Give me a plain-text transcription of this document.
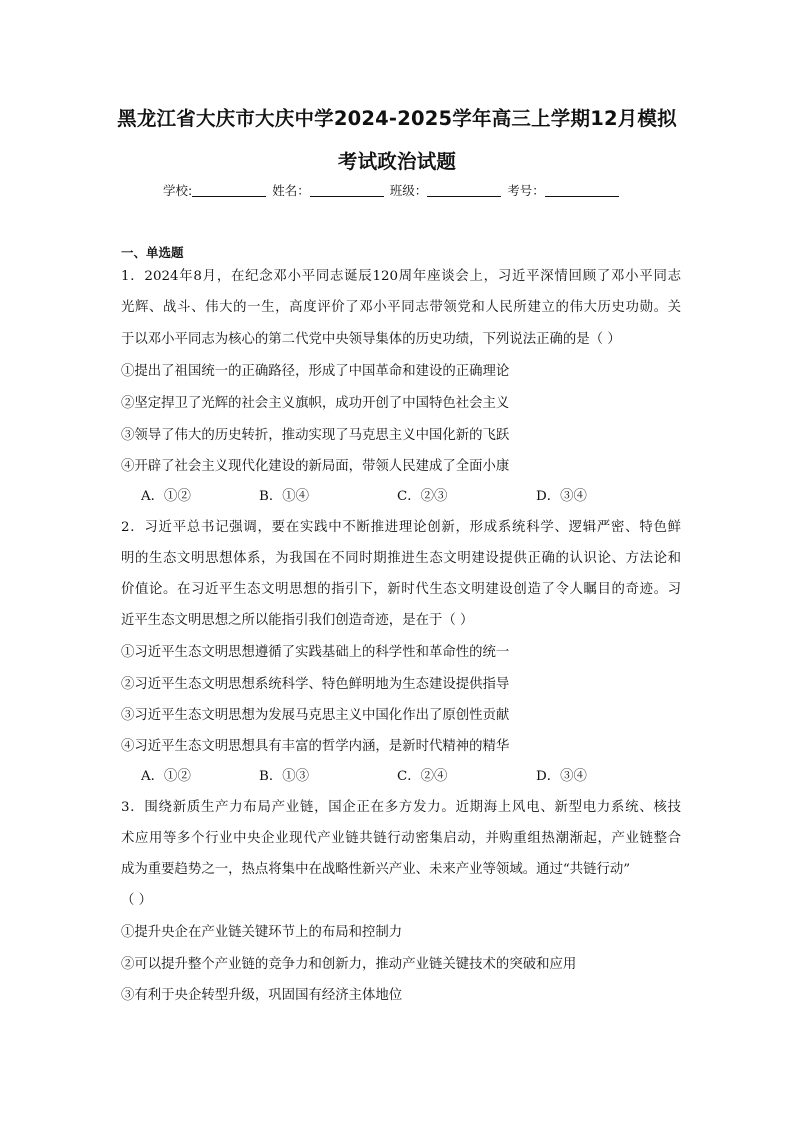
黑龙江省大庆市大庆中学2024-2025学年高三上学期12月模拟
考试政治试题
学校:	姓名：	班级：	考号：
一、单选题
1．2024年8月，在纪念邓小平同志诞辰120周年座谈会上，习近平深情回顾了邓小平同志
光辉、战斗、伟大的一生，高度评价了邓小平同志带领党和人民所建立的伟大历史功勋。关
于以邓小平同志为核心的第二代党中央领导集体的历史功绩，下列说法正确的是（ ）
①提出了祖国统一的正确路径，形成了中国革命和建设的正确理论
②坚定捍卫了光辉的社会主义旗帜，成功开创了中国特色社会主义
③领导了伟大的历史转折，推动实现了马克思主义中国化新的飞跃
④开辟了社会主义现代化建设的新局面，带领人民建成了全面小康
A．①②	B．①④	C．②③	D．③④
2．习近平总书记强调，要在实践中不断推进理论创新，形成系统科学、逻辑严密、特色鲜
明的生态文明思想体系，为我国在不同时期推进生态文明建设提供正确的认识论、方法论和
价值论。在习近平生态文明思想的指引下，新时代生态文明建设创造了令人瞩目的奇迹。习
近平生态文明思想之所以能指引我们创造奇迹，是在于（ ）
①习近平生态文明思想遵循了实践基础上的科学性和革命性的统一
②习近平生态文明思想系统科学、特色鲜明地为生态建设提供指导
③习近平生态文明思想为发展马克思主义中国化作出了原创性贡献
④习近平生态文明思想具有丰富的哲学内涵，是新时代精神的精华
A．①②	B．①③	C．②④	D．③④
3．围绕新质生产力布局产业链，国企正在多方发力。近期海上风电、新型电力系统、核技
术应用等多个行业中央企业现代产业链共链行动密集启动，并购重组热潮渐起，产业链整合
成为重要趋势之一，热点将集中在战略性新兴产业、未来产业等领域。通过“共链行动”
（ ）
①提升央企在产业链关键环节上的布局和控制力
②可以提升整个产业链的竞争力和创新力，推动产业链关键技术的突破和应用
③有利于央企转型升级，巩固国有经济主体地位
